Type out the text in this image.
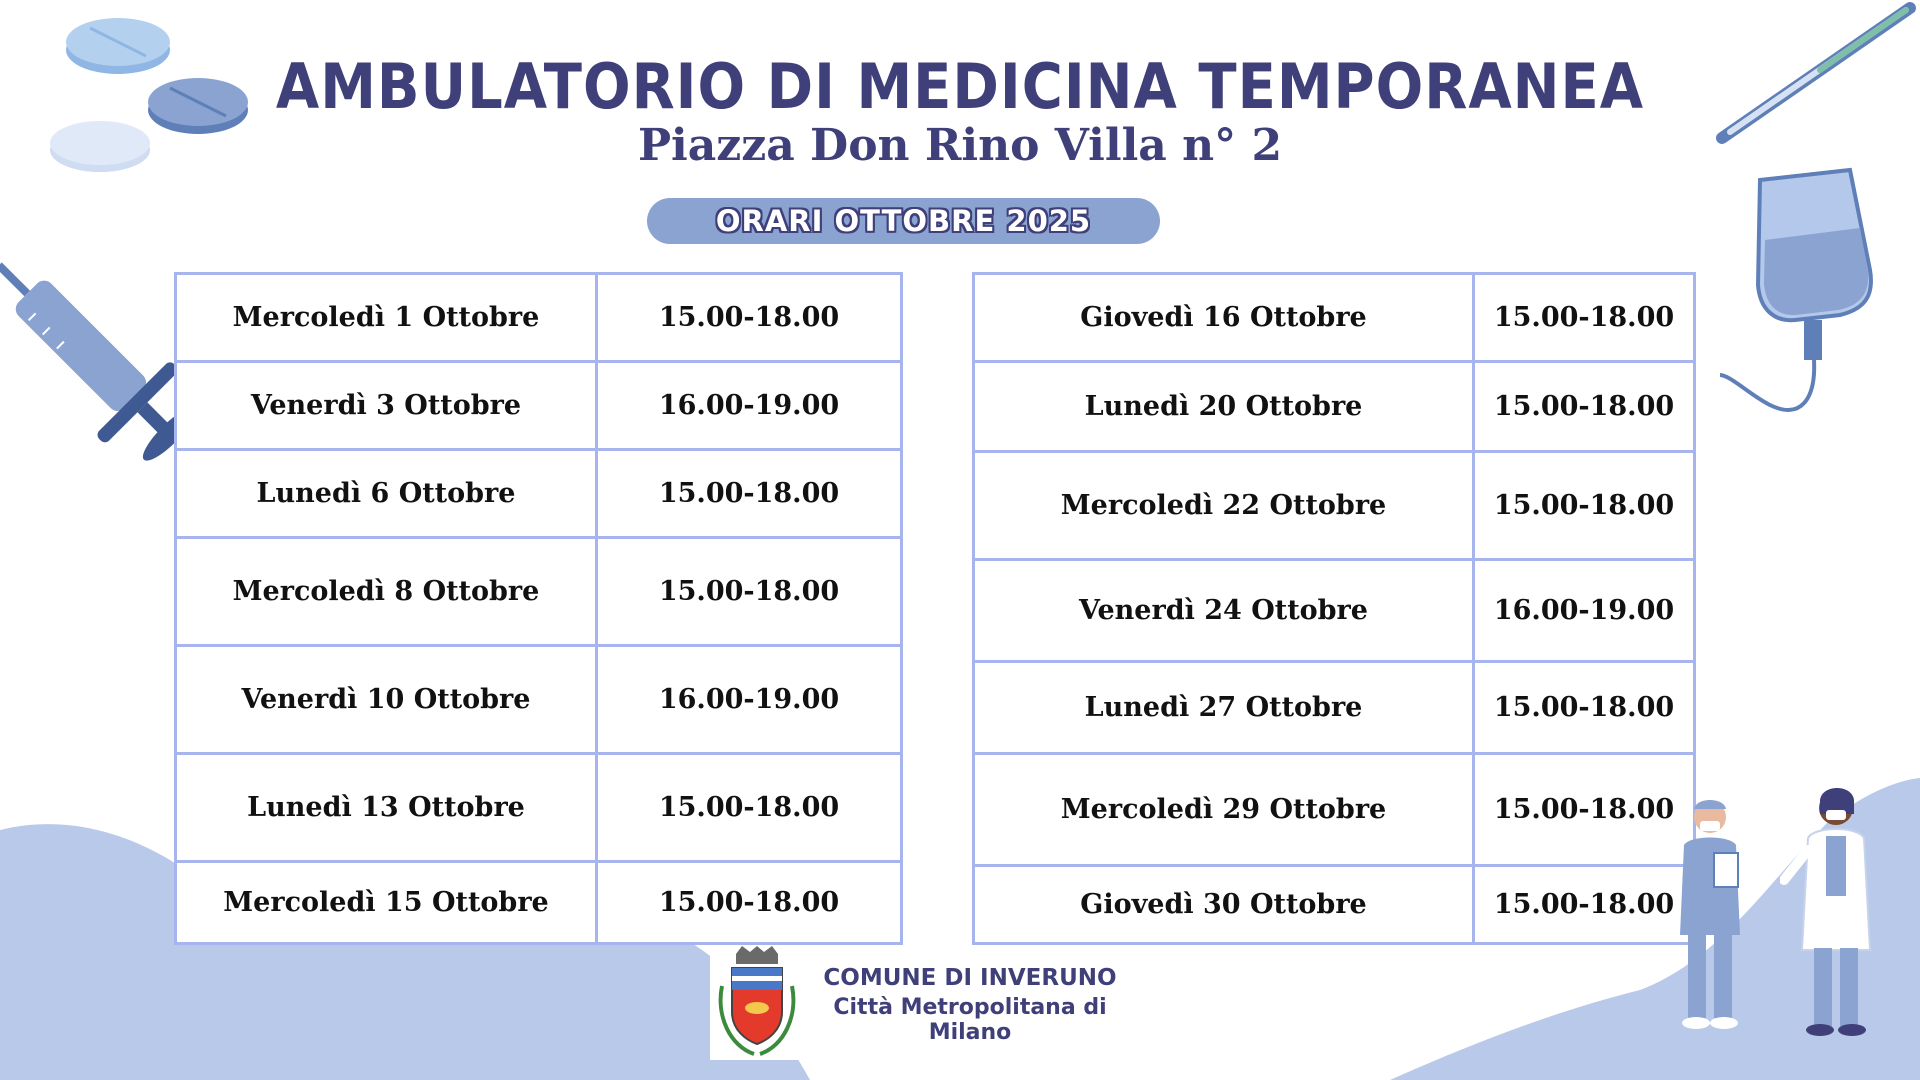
AMBULATORIO DI MEDICINA TEMPORANEA
Piazza Don Rino Villa n° 2
ORARI OTTOBRE 2025
Mercoledì 1 Ottobre	15.00-18.00
Venerdì 3 Ottobre	16.00-19.00
Lunedì 6 Ottobre	15.00-18.00
Mercoledì 8 Ottobre	15.00-18.00
Venerdì 10 Ottobre	16.00-19.00
Lunedì 13 Ottobre	15.00-18.00
Mercoledì 15 Ottobre	15.00-18.00
Giovedì 16 Ottobre	15.00-18.00
Lunedì 20 Ottobre	15.00-18.00
Mercoledì 22 Ottobre	15.00-18.00
Venerdì 24 Ottobre	16.00-19.00
Lunedì 27 Ottobre	15.00-18.00
Mercoledì 29 Ottobre	15.00-18.00
Giovedì 30 Ottobre	15.00-18.00
COMUNE DI INVERUNO
Città Metropolitana di Milano
